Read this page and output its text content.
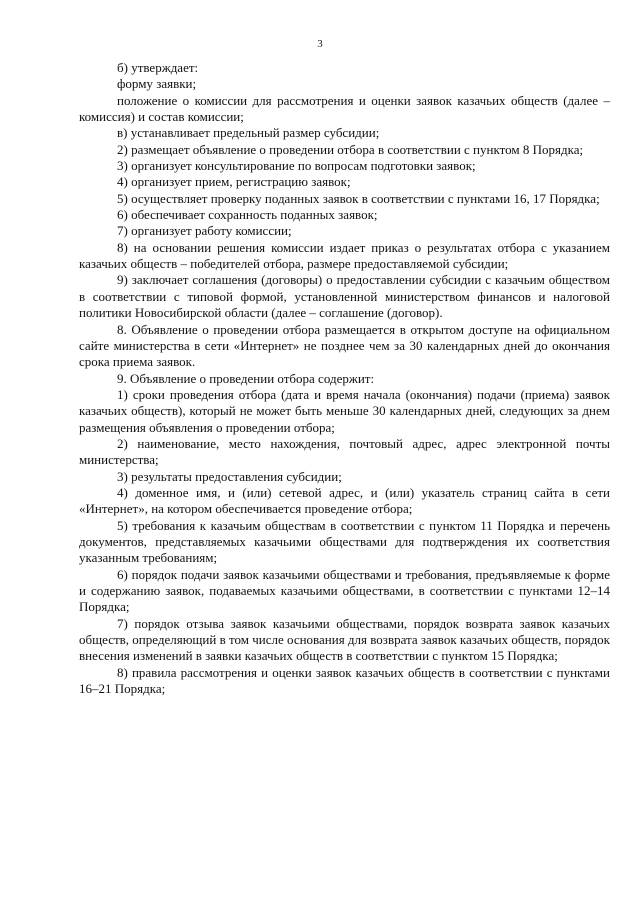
3

б) утверждает:

форму заявки;

положение о комиссии для рассмотрения и оценки заявок казачьих обществ (далее – комиссия) и состав комиссии;

в) устанавливает предельный размер субсидии;

2) размещает объявление о проведении отбора в соответствии с пунктом 8 Порядка;

3) организует консультирование по вопросам подготовки заявок;

4) организует прием, регистрацию заявок;

5) осуществляет проверку поданных заявок в соответствии с пунктами 16, 17 Порядка;

6) обеспечивает сохранность поданных заявок;

7) организует работу комиссии;

8) на основании решения комиссии издает приказ о результатах отбора с указанием казачьих обществ – победителей отбора, размере предоставляемой субсидии;

9) заключает соглашения (договоры) о предоставлении субсидии с казачьим обществом в соответствии с типовой формой, установленной министерством финансов и налоговой политики Новосибирской области (далее – соглашение (договор).

8. Объявление о проведении отбора размещается в открытом доступе на официальном сайте министерства в сети «Интернет» не позднее чем за 30 календарных дней до окончания срока приема заявок.

9. Объявление о проведении отбора содержит:

1) сроки проведения отбора (дата и время начала (окончания) подачи (приема) заявок казачьих обществ), который не может быть меньше 30 календарных дней, следующих за днем размещения объявления о проведении отбора;

2) наименование, место нахождения, почтовый адрес, адрес электронной почты министерства;

3) результаты предоставления субсидии;

4) доменное имя, и (или) сетевой адрес, и (или) указатель страниц сайта в сети «Интернет», на котором обеспечивается проведение отбора;

5) требования к казачьим обществам в соответствии с пунктом 11 Порядка и перечень документов, представляемых казачьими обществами для подтверждения их соответствия указанным требованиям;

6) порядок подачи заявок казачьими обществами и требования, предъявляемые к форме и содержанию заявок, подаваемых казачьими обществами, в соответствии с пунктами 12–14 Порядка;

7) порядок отзыва заявок казачьими обществами, порядок возврата заявок казачьих обществ, определяющий в том числе основания для возврата заявок казачьих обществ, порядок внесения изменений в заявки казачьих обществ в соответствии с пунктом 15 Порядка;

8) правила рассмотрения и оценки заявок казачьих обществ в соответствии с пунктами 16–21 Порядка;
